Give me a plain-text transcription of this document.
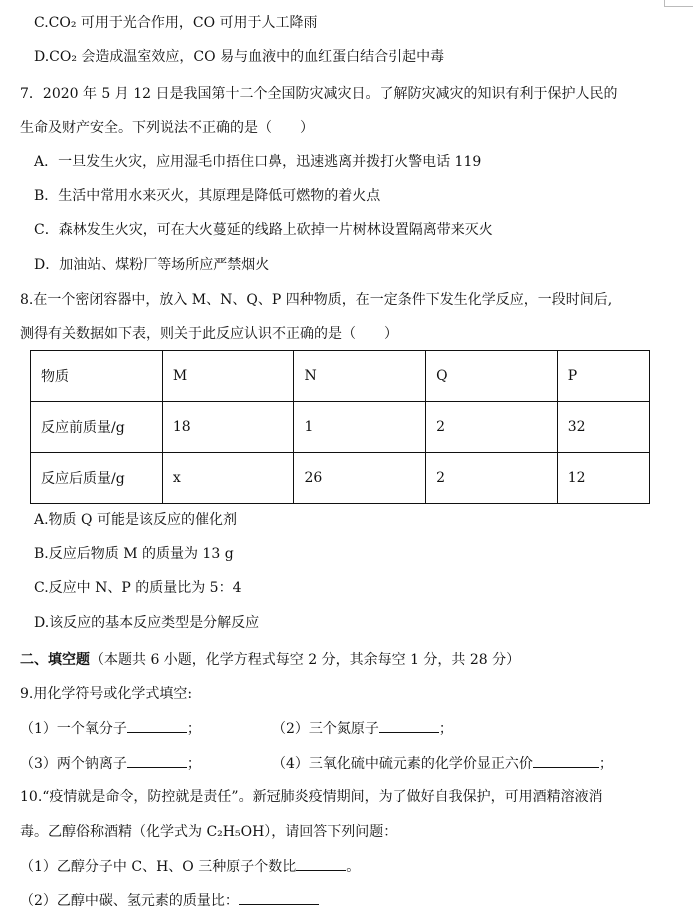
C.CO₂ 可用于光合作用，CO 可用于人工降雨
D.CO₂ 会造成温室效应，CO 易与血液中的血红蛋白结合引起中毒
7．2020 年 5 月 12 日是我国第十二个全国防灾减灾日。了解防灾减灾的知识有利于保护人民的
生命及财产安全。下列说法不正确的是（　　）
A．一旦发生火灾，应用湿毛巾捂住口鼻，迅速逃离并拨打火警电话 119
B．生活中常用水来灭火，其原理是降低可燃物的着火点
C．森林发生火灾，可在大火蔓延的线路上砍掉一片树林设置隔离带来灭火
D．加油站、煤粉厂等场所应严禁烟火
8.在一个密闭容器中，放入 M、N、Q、P 四种物质，在一定条件下发生化学反应，一段时间后,
测得有关数据如下表，则关于此反应认识不正确的是（　　）
物质	M	N	Q	P
反应前质量/g	18	1	2	32
反应后质量/g	x	26	2	12
A.物质 Q 可能是该反应的催化剂
B.反应后物质 M 的质量为 13 g
C.反应中 N、P 的质量比为 5：4
D.该反应的基本反应类型是分解反应
二、填空题（本题共 6 小题，化学方程式每空 2 分，其余每空 1 分，共 28 分）
9.用化学符号或化学式填空:
（1）一个氧分子	；	（2）三个氮原子	；
（3）两个钠离子	；	（4）三氧化硫中硫元素的化学价显正六价	；
10.“疫情就是命令，防控就是责任”。新冠肺炎疫情期间，为了做好自我保护，可用酒精溶液消
毒。乙醇俗称酒精（化学式为 C₂H₅OH），请回答下列问题：
（1）乙醇分子中 C、H、O 三种原子个数比	。
（2）乙醇中碳、氢元素的质量比：
